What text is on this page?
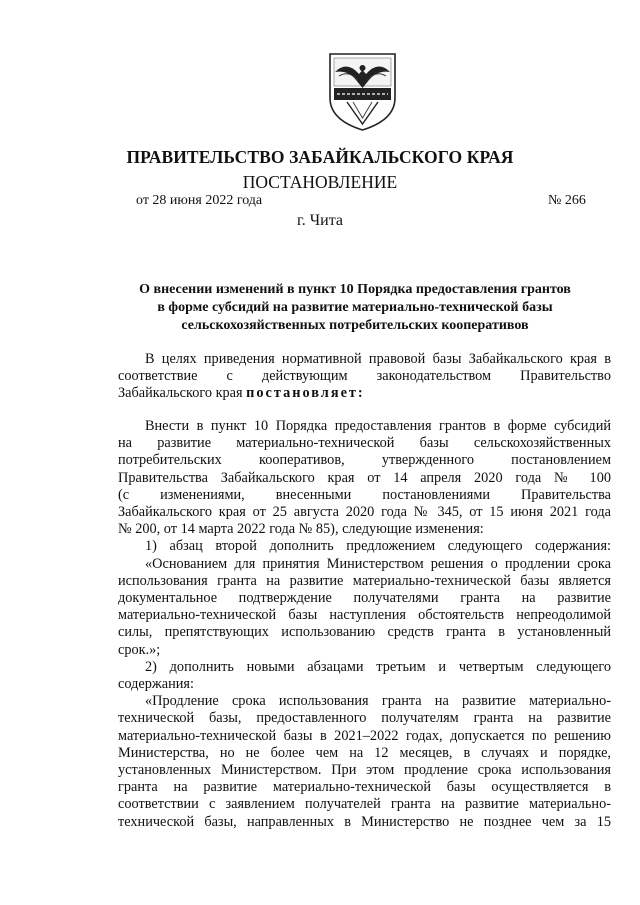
ПРАВИТЕЛЬСТВО ЗАБАЙКАЛЬСКОГО КРАЯ
ПОСТАНОВЛЕНИЕ
от 28 июня 2022 года	№ 266
г. Чита
О внесении изменений в пункт 10 Порядка предоставления грантов
в форме субсидий на развитие материально-технической базы
сельскохозяйственных потребительских кооперативов
В целях приведения нормативной правовой базы Забайкальского края в
соответствие с действующим законодательством Правительство
Забайкальского края постановляет:
Внести в пункт 10 Порядка предоставления грантов в форме субсидий
на развитие материально-технической базы сельскохозяйственных
потребительских кооперативов, утвержденного постановлением
Правительства Забайкальского края от 14 апреля 2020 года № 100
(с изменениями, внесенными постановлениями Правительства
Забайкальского края от 25 августа 2020 года № 345, от 15 июня 2021 года
№ 200, от 14 марта 2022 года № 85), следующие изменения:
1) абзац второй дополнить предложением следующего содержания:
«Основанием для принятия Министерством решения о продлении срока
использования гранта на развитие материально-технической базы является
документальное подтверждение получателями гранта на развитие
материально-технической базы наступления обстоятельств непреодолимой
силы, препятствующих использованию средств гранта в установленный
срок.»;
2) дополнить новыми абзацами третьим и четвертым следующего
содержания:
«Продление срока использования гранта на развитие материально-
технической базы, предоставленного получателям гранта на развитие
материально-технической базы в 2021–2022 годах, допускается по решению
Министерства, но не более чем на 12 месяцев, в случаях и порядке,
установленных Министерством. При этом продление срока использования
гранта на развитие материально-технической базы осуществляется в
соответствии с заявлением получателей гранта на развитие материально-
технической базы, направленных в Министерство не позднее чем за 15
